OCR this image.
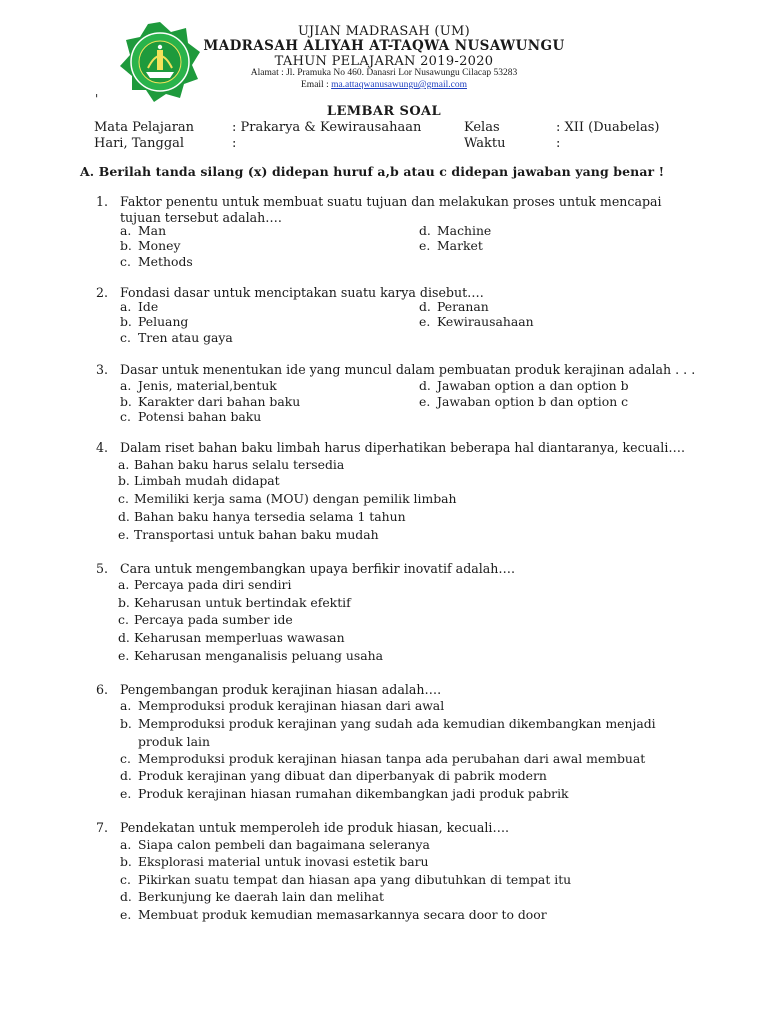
UJIAN MADRASAH (UM)
MADRASAH ALIYAH AT-TAQWA NUSAWUNGU
TAHUN PELAJARAN 2019-2020
Alamat : Jl. Pramuka No 460. Danasri Lor Nusawungu Cilacap 53283
Email : ma.attaqwanusawungu@gmail.com
'
LEMBAR SOAL
Mata Pelajaran	: Prakarya & Kewirausahaan	Kelas	: XII (Duabelas)
Hari, Tanggal	:	Waktu	:
A. Berilah tanda silang (x) didepan huruf a,b atau c didepan jawaban yang benar !
1. Faktor penentu untuk membuat suatu tujuan dan melakukan proses untuk mencapai tujuan tersebut adalah….
a. Man
b. Money
c. Methods
d. Machine
e. Market
2. Fondasi dasar untuk menciptakan suatu karya disebut….
a. Ide
b. Peluang
c. Tren atau gaya
d. Peranan
e. Kewirausahaan
3. Dasar untuk menentukan ide yang muncul dalam pembuatan produk kerajinan adalah . . .
a. Jenis, material,bentuk
b. Karakter dari bahan baku
c. Potensi bahan baku
d. Jawaban option a dan option b
e. Jawaban option b dan option c
4. Dalam riset bahan baku limbah harus diperhatikan beberapa hal diantaranya, kecuali….
a. Bahan baku harus selalu tersedia
b. Limbah mudah didapat
c. Memiliki kerja sama (MOU) dengan pemilik limbah
d. Bahan baku hanya tersedia selama 1 tahun
e. Transportasi untuk bahan baku mudah
5. Cara untuk mengembangkan upaya berfikir inovatif adalah….
a. Percaya pada diri sendiri
b. Keharusan untuk bertindak efektif
c. Percaya pada sumber ide
d. Keharusan memperluas wawasan
e. Keharusan menganalisis peluang usaha
6. Pengembangan produk kerajinan hiasan adalah….
a. Memproduksi produk kerajinan hiasan dari awal
b. Memproduksi produk kerajinan yang sudah ada kemudian dikembangkan menjadi
produk lain
c. Memproduksi produk kerajinan hiasan tanpa ada perubahan dari awal membuat
d. Produk kerajinan yang dibuat dan diperbanyak di pabrik modern
e. Produk kerajinan hiasan rumahan dikembangkan jadi produk pabrik
7. Pendekatan untuk memperoleh ide produk hiasan, kecuali….
a. Siapa calon pembeli dan bagaimana seleranya
b. Eksplorasi material untuk inovasi estetik baru
c. Pikirkan suatu tempat dan hiasan apa yang dibutuhkan di tempat itu
d. Berkunjung ke daerah lain dan melihat
e. Membuat produk kemudian memasarkannya secara door to door
